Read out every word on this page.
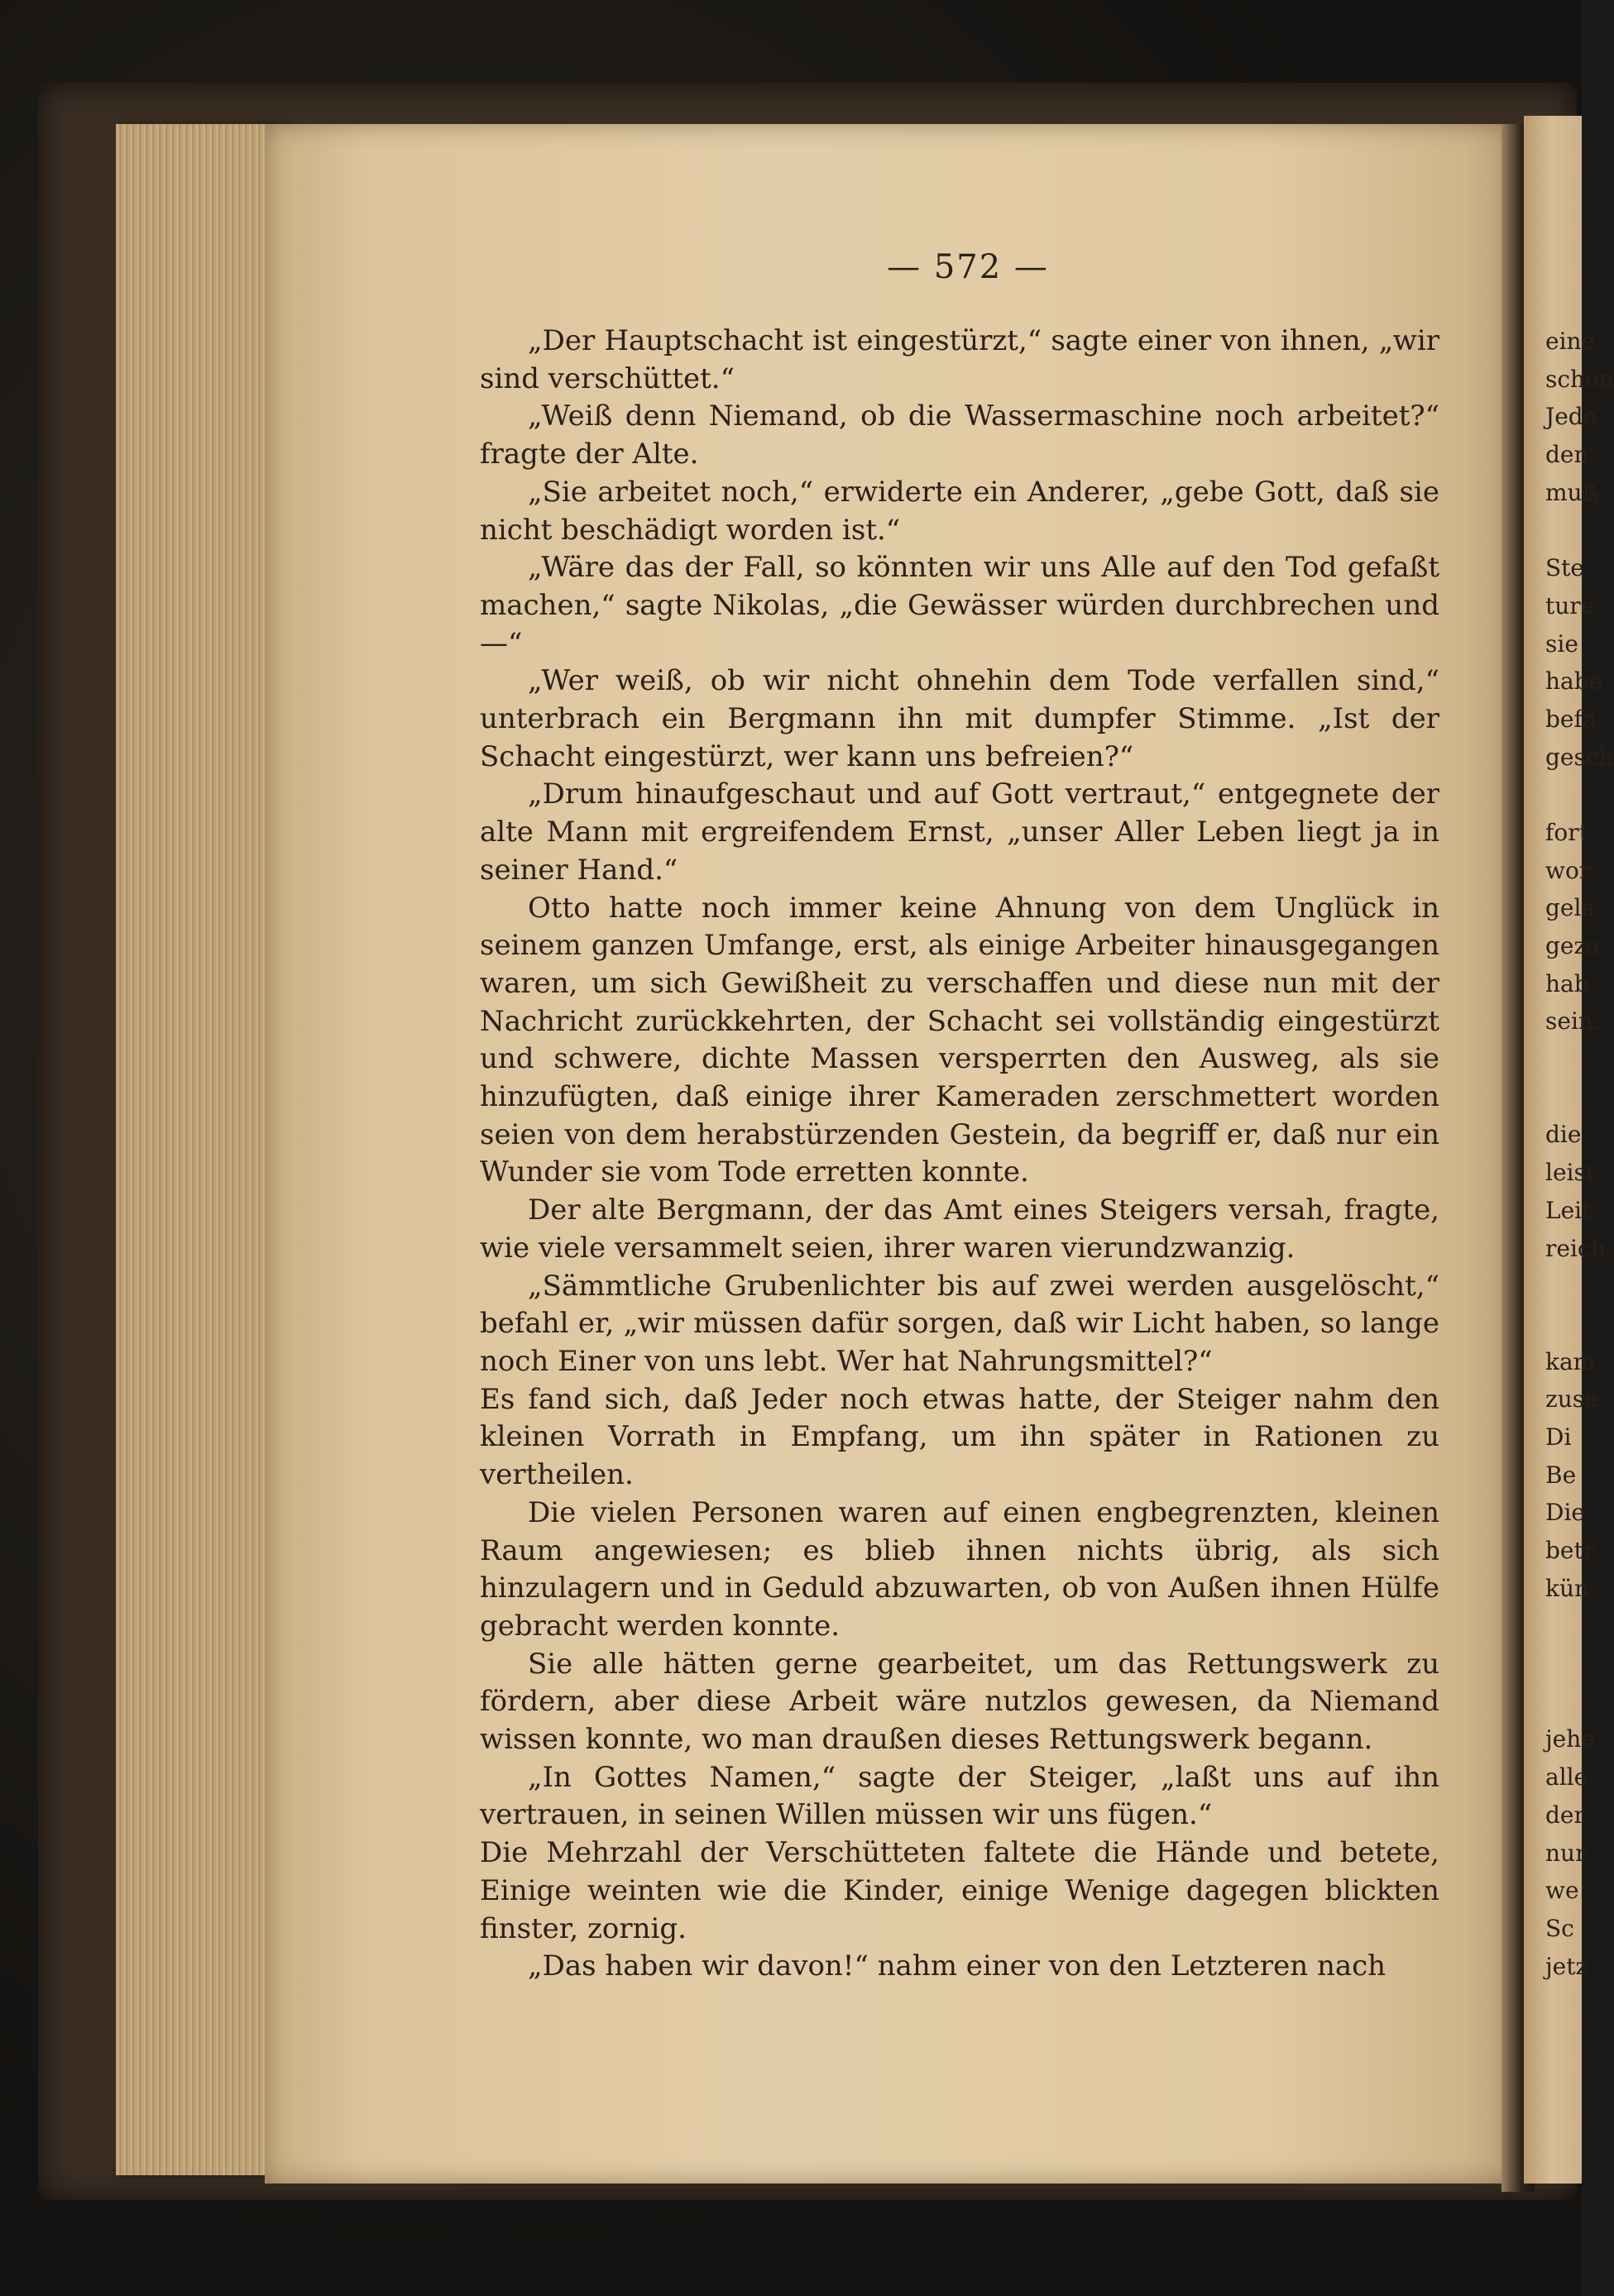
— 572 —

„Der Hauptschacht ist eingestürzt,“ sagte einer von ihnen, „wir sind verschüttet.“

„Weiß denn Niemand, ob die Wassermaschine noch arbeitet?“ fragte der Alte.

„Sie arbeitet noch,“ erwiderte ein Anderer, „gebe Gott, daß sie nicht beschädigt worden ist.“

„Wäre das der Fall, so könnten wir uns Alle auf den Tod gefaßt machen,“ sagte Nikolas, „die Gewässer würden durchbrechen und —“

„Wer weiß, ob wir nicht ohnehin dem Tode verfallen sind,“ unterbrach ein Bergmann ihn mit dumpfer Stimme. „Ist der Schacht eingestürzt, wer kann uns befreien?“

„Drum hinaufgeschaut und auf Gott vertraut,“ entgegnete der alte Mann mit ergreifendem Ernst, „unser Aller Leben liegt ja in seiner Hand.“

Otto hatte noch immer keine Ahnung von dem Unglück in seinem ganzen Umfange, erst, als einige Arbeiter hinausgegangen waren, um sich Gewißheit zu verschaffen und diese nun mit der Nachricht zurückkehrten, der Schacht sei vollständig eingestürzt und schwere, dichte Massen versperrten den Ausweg, als sie hinzufügten, daß einige ihrer Kameraden zerschmettert worden seien von dem herabstürzenden Gestein, da begriff er, daß nur ein Wunder sie vom Tode erretten konnte.

Der alte Bergmann, der das Amt eines Steigers versah, fragte, wie viele versammelt seien, ihrer waren vierundzwanzig.

„Sämmtliche Grubenlichter bis auf zwei werden ausgelöscht,“ befahl er, „wir müssen dafür sorgen, daß wir Licht haben, so lange noch Einer von uns lebt. Wer hat Nahrungsmittel?“

Es fand sich, daß Jeder noch etwas hatte, der Steiger nahm den kleinen Vorrath in Empfang, um ihn später in Rationen zu vertheilen.

Die vielen Personen waren auf einen engbegrenzten, kleinen Raum angewiesen; es blieb ihnen nichts übrig, als sich hinzulagern und in Geduld abzuwarten, ob von Außen ihnen Hülfe gebracht werden konnte.

Sie alle hätten gerne gearbeitet, um das Rettungswerk zu fördern, aber diese Arbeit wäre nutzlos gewesen, da Niemand wissen konnte, wo man draußen dieses Rettungswerk begann.

„In Gottes Namen,“ sagte der Steiger, „laßt uns auf ihn vertrauen, in seinen Willen müssen wir uns fügen.“

Die Mehrzahl der Verschütteten faltete die Hände und betete, Einige weinten wie die Kinder, einige Wenige dagegen blickten finster, zornig.

„Das haben wir davon!“ nahm einer von den Letzteren nach

eine
schon
Jede
den
muß
Ste
ture
sie
habe
befa
gesch
fort
wor
gela
geza
hab
sein.
die
leist
Leit
reich
kam
zuse
Di
Be
Die
betr
kün
jehe
alle
der
nur
we
Sc
jetz
